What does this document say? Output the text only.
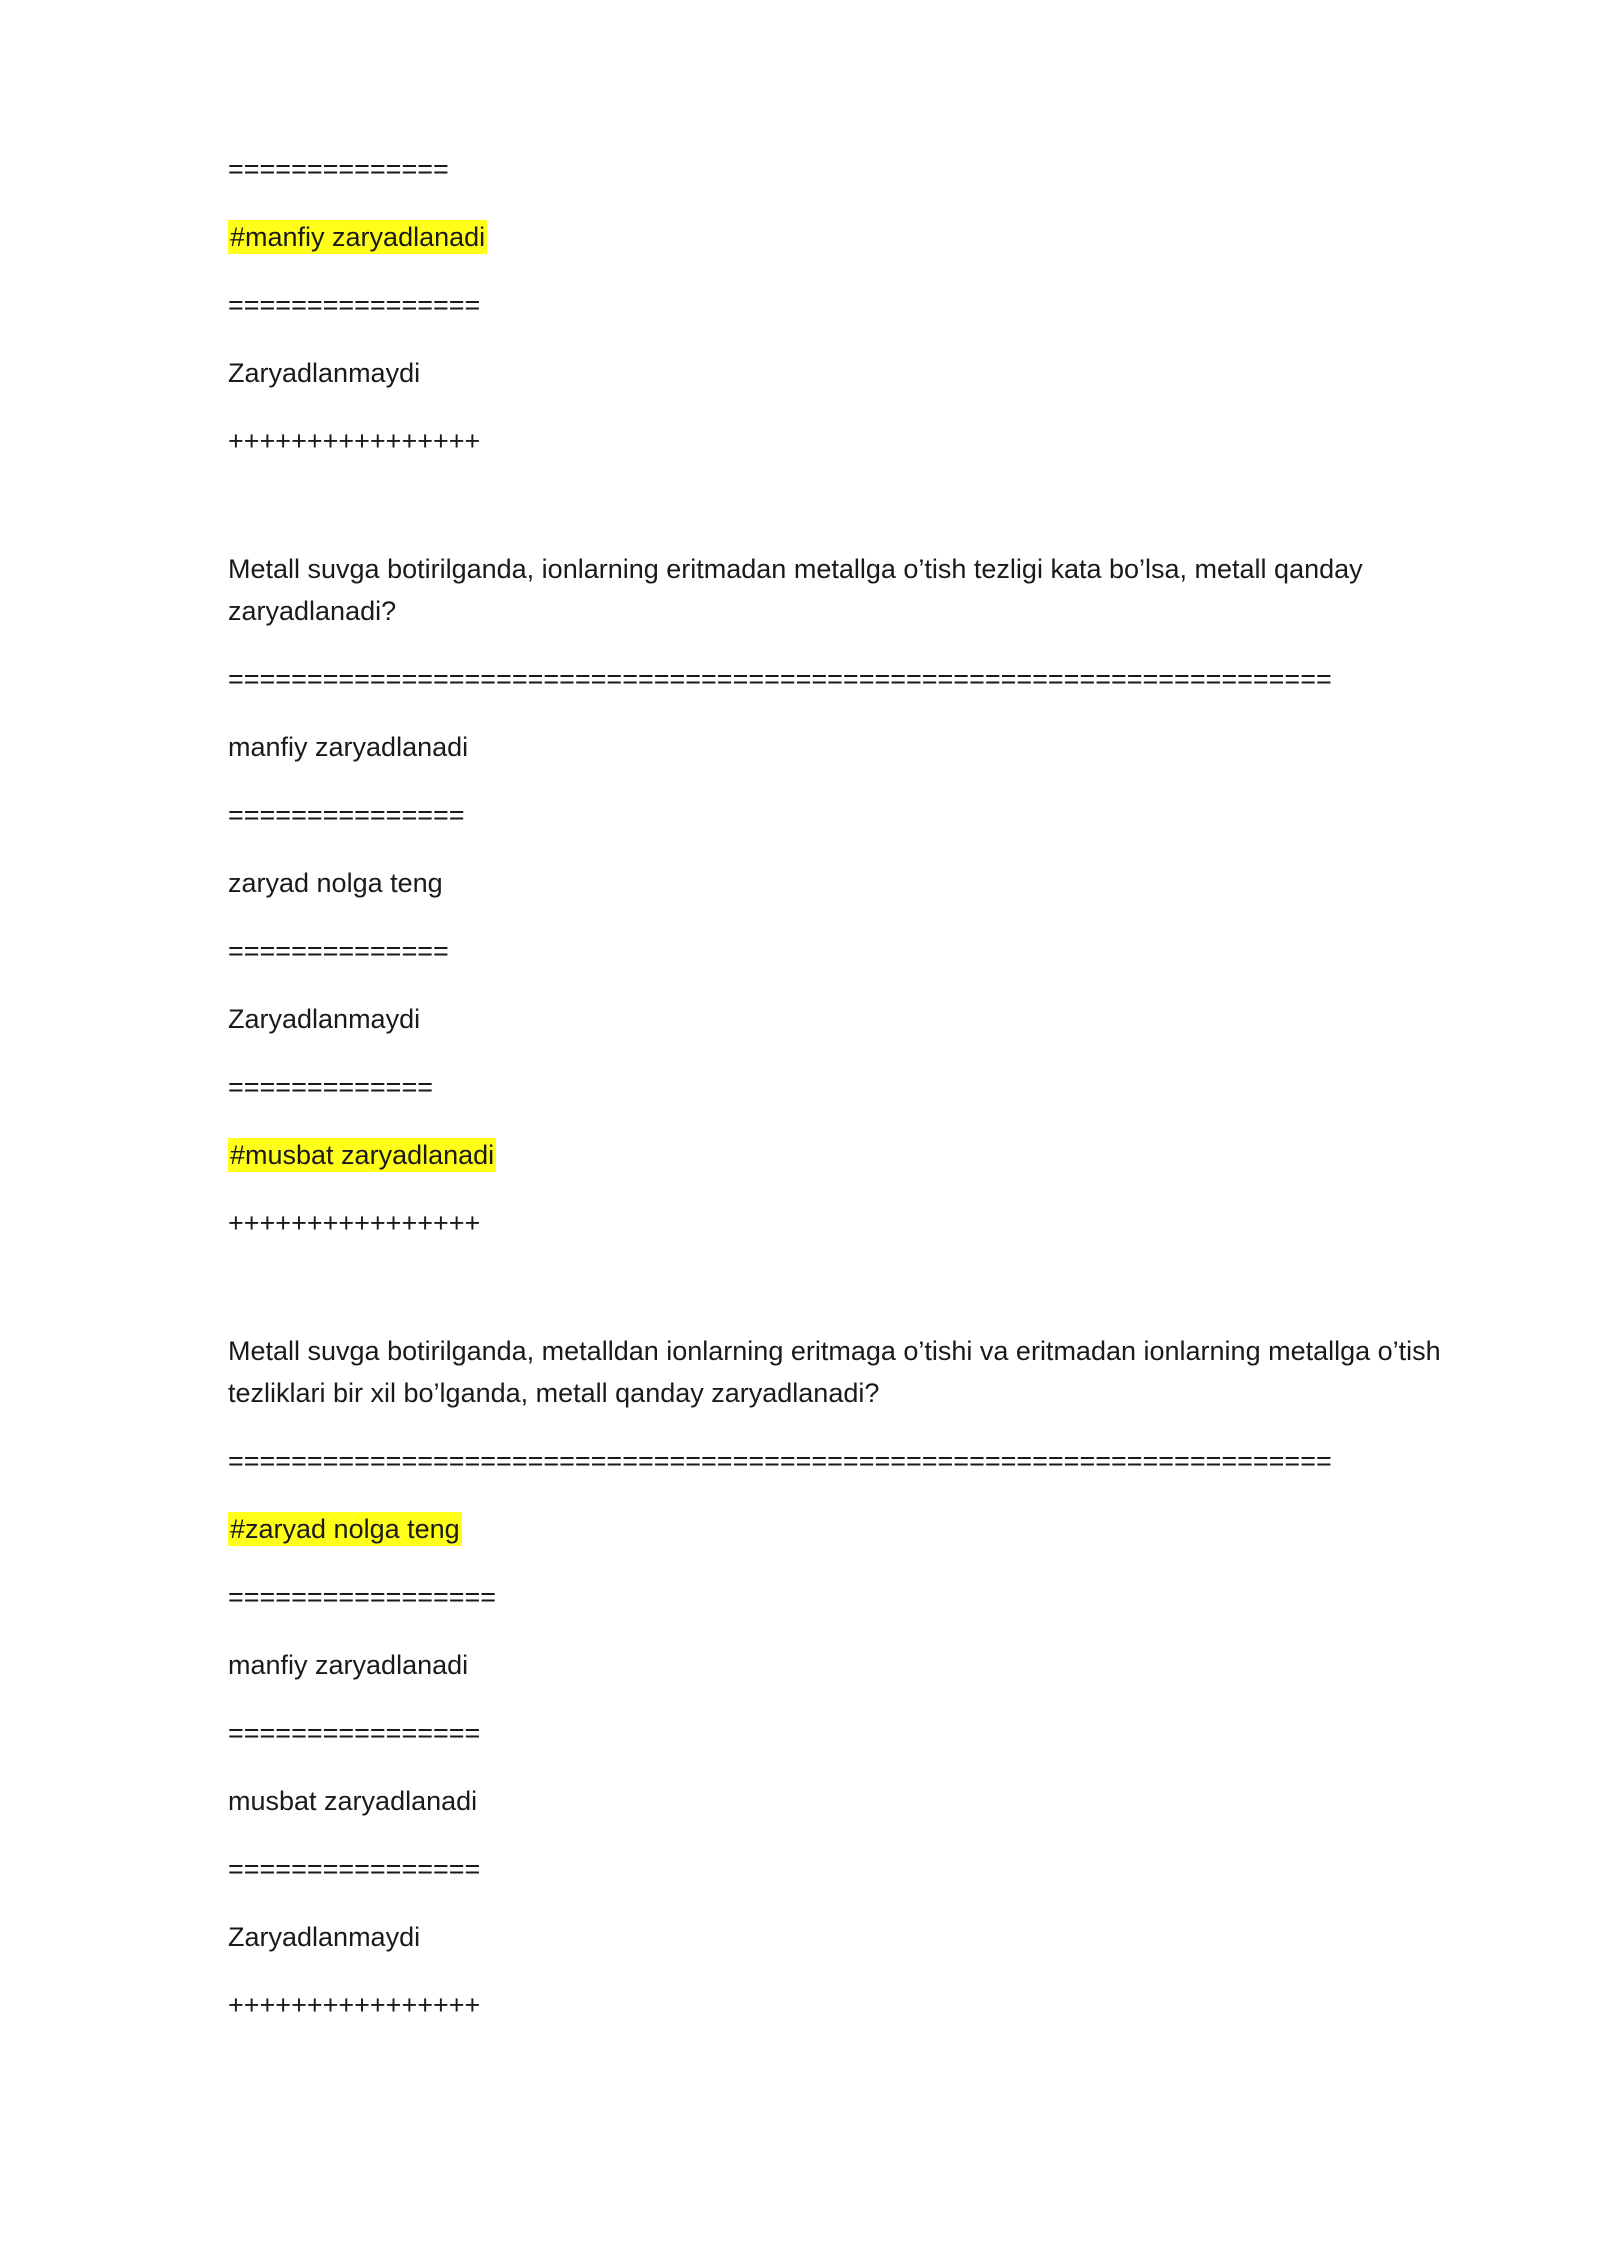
==============
#manfiy zaryadlanadi
================
Zaryadlanmaydi
++++++++++++++++
Metall suvga botirilganda, ionlarning eritmadan metallga o’tish tezligi kata bo’lsa, metall qanday zaryadlanadi?
======================================================================
manfiy zaryadlanadi
===============
zaryad nolga teng
==============
Zaryadlanmaydi
=============
#musbat zaryadlanadi
++++++++++++++++
Metall suvga botirilganda, metalldan ionlarning eritmaga o’tishi va eritmadan ionlarning metallga o’tish tezliklari bir xil bo’lganda, metall qanday zaryadlanadi?
======================================================================
#zaryad nolga teng
=================
manfiy zaryadlanadi
================
musbat zaryadlanadi
================
Zaryadlanmaydi
++++++++++++++++
